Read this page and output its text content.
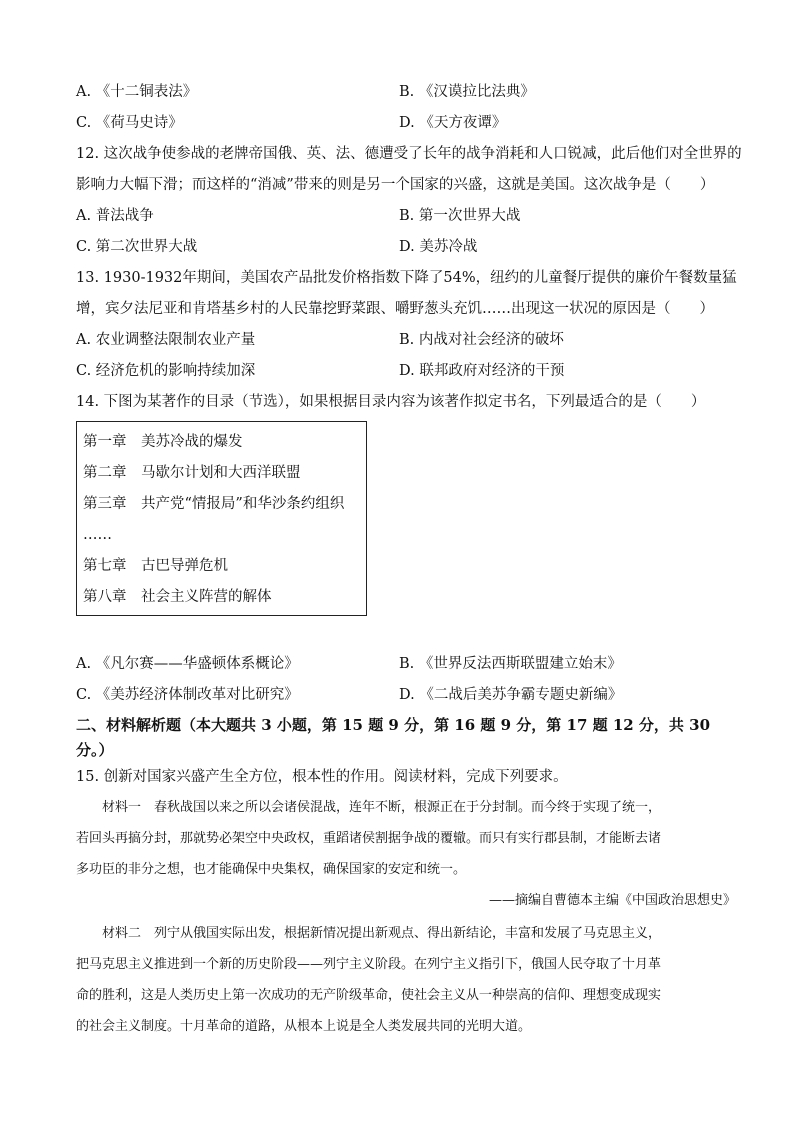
A. 《十二铜表法》	B. 《汉谟拉比法典》
C. 《荷马史诗》	D. 《天方夜谭》
12. 这次战争使参战的老牌帝国俄、英、法、德遭受了长年的战争消耗和人口锐减，此后他们对全世界的
影响力大幅下滑；而这样的“消减”带来的则是另一个国家的兴盛，这就是美国。这次战争是（　　）
A. 普法战争	B. 第一次世界大战
C. 第二次世界大战	D. 美苏冷战
13. 1930-1932年期间，美国农产品批发价格指数下降了54%，纽约的儿童餐厅提供的廉价午餐数量猛
增，宾夕法尼亚和肯塔基乡村的人民靠挖野菜跟、嚼野葱头充饥……出现这一状况的原因是（　　）
A. 农业调整法限制农业产量	B. 内战对社会经济的破坏
C. 经济危机的影响持续加深	D. 联邦政府对经济的干预
14. 下图为某著作的目录（节选），如果根据目录内容为该著作拟定书名，下列最适合的是（　　）
第一章　美苏冷战的爆发
第二章　马歇尔计划和大西洋联盟
第三章　共产党“情报局”和华沙条约组织
……
第七章　古巴导弹危机
第八章　社会主义阵营的解体
A. 《凡尔赛——华盛顿体系概论》	B. 《世界反法西斯联盟建立始末》
C. 《美苏经济体制改革对比研究》	D. 《二战后美苏争霸专题史新编》
二、材料解析题（本大题共 3 小题，第 15 题 9 分，第 16 题 9 分，第 17 题 12 分，共 30
分。）
15. 创新对国家兴盛产生全方位，根本性的作用。阅读材料，完成下列要求。
　　材料一　春秋战国以来之所以会诸侯混战，连年不断，根源正在于分封制。而今终于实现了统一，
若回头再搞分封，那就势必架空中央政权，重蹈诸侯割据争战的覆辙。而只有实行郡县制，才能断去诸
多功臣的非分之想，也才能确保中央集权，确保国家的安定和统一。
——摘编自曹德本主编《中国政治思想史》
　　材料二　列宁从俄国实际出发，根据新情况提出新观点、得出新结论，丰富和发展了马克思主义，
把马克思主义推进到一个新的历史阶段——列宁主义阶段。在列宁主义指引下，俄国人民夺取了十月革
命的胜利，这是人类历史上第一次成功的无产阶级革命，使社会主义从一种崇高的信仰、理想变成现实
的社会主义制度。十月革命的道路，从根本上说是全人类发展共同的光明大道。
